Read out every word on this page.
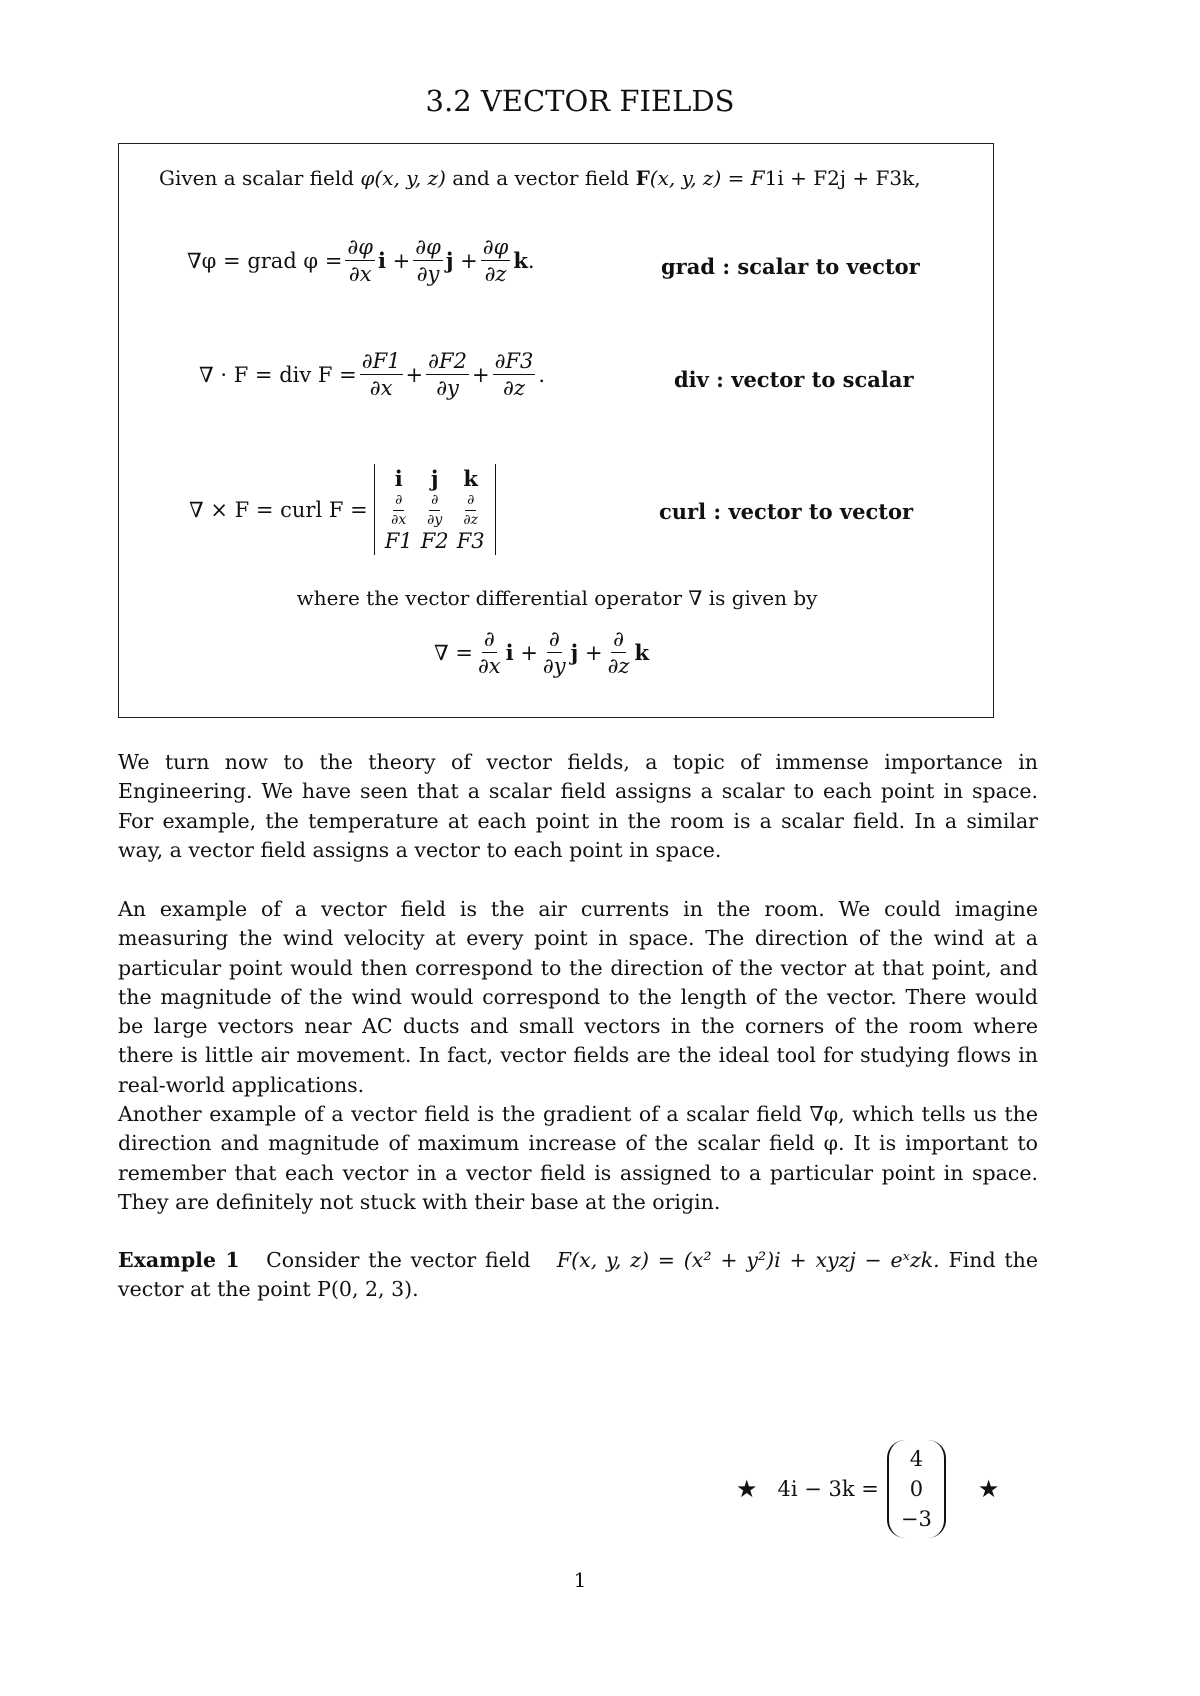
3.2 VECTOR FIELDS
Given a scalar field φ(x, y, z) and a vector field F(x, y, z) = F1i + F2j + F3k,
∇φ = grad $\varphi = \frac{\partial\varphi}{\partial x}$ i
+ $\frac{\partial\varphi}{\partial y}$ j
+ $\frac{\partial\varphi}{\partial z}$ k .	grad : scalar to vector
∇ · F = div $F = \frac{\partial F1}{\partial x} + \frac{\partial F2}{\partial y} + \frac{\partial F3}{\partial z}$ .	div : vector to scalar
∇ × F = curl F =
i	j	k
$\frac{\partial}{\partial x} \frac{\partial}{\partial y} \frac{\partial}{\partial z}$
F1 F2 F3
curl : vector to vector
where the vector differential operator ∇ is given by
∇ = $\frac{\partial}{\partial x}$ i
+ $\frac{\partial}{\partial y}$ j
+ $\frac{\partial}{\partial z}$ k

We turn now to the theory of vector fields, a topic of immense importance in Engineering. We have seen that a scalar field assigns a scalar to each point in space. For example, the temperature at each point in the room is a scalar field. In a similar way, a vector field assigns a vector to each point in space.

An example of a vector field is the air currents in the room. We could imagine measuring the wind velocity at every point in space. The direction of the wind at a particular point would then correspond to the direction of the vector at that point, and the magnitude of the wind would correspond to the length of the vector. There would be large vectors near AC ducts and small vectors in the corners of the room where there is little air movement. In fact, vector fields are the ideal tool for studying flows in real-world applications.

Another example of a vector field is the gradient of a scalar field ∇φ, which tells us the direction and magnitude of maximum increase of the scalar field φ. It is important to remember that each vector in a vector field is assigned to a particular point in space. They are definitely not stuck with their base at the origin.

Example 1 Consider the vector field F(x, y, z) = (x² + y²)i + xyzj − eˣzk. Find the vector at the point P(0, 2, 3).

★ 4i − 3k =
4
0
−3
★
1
